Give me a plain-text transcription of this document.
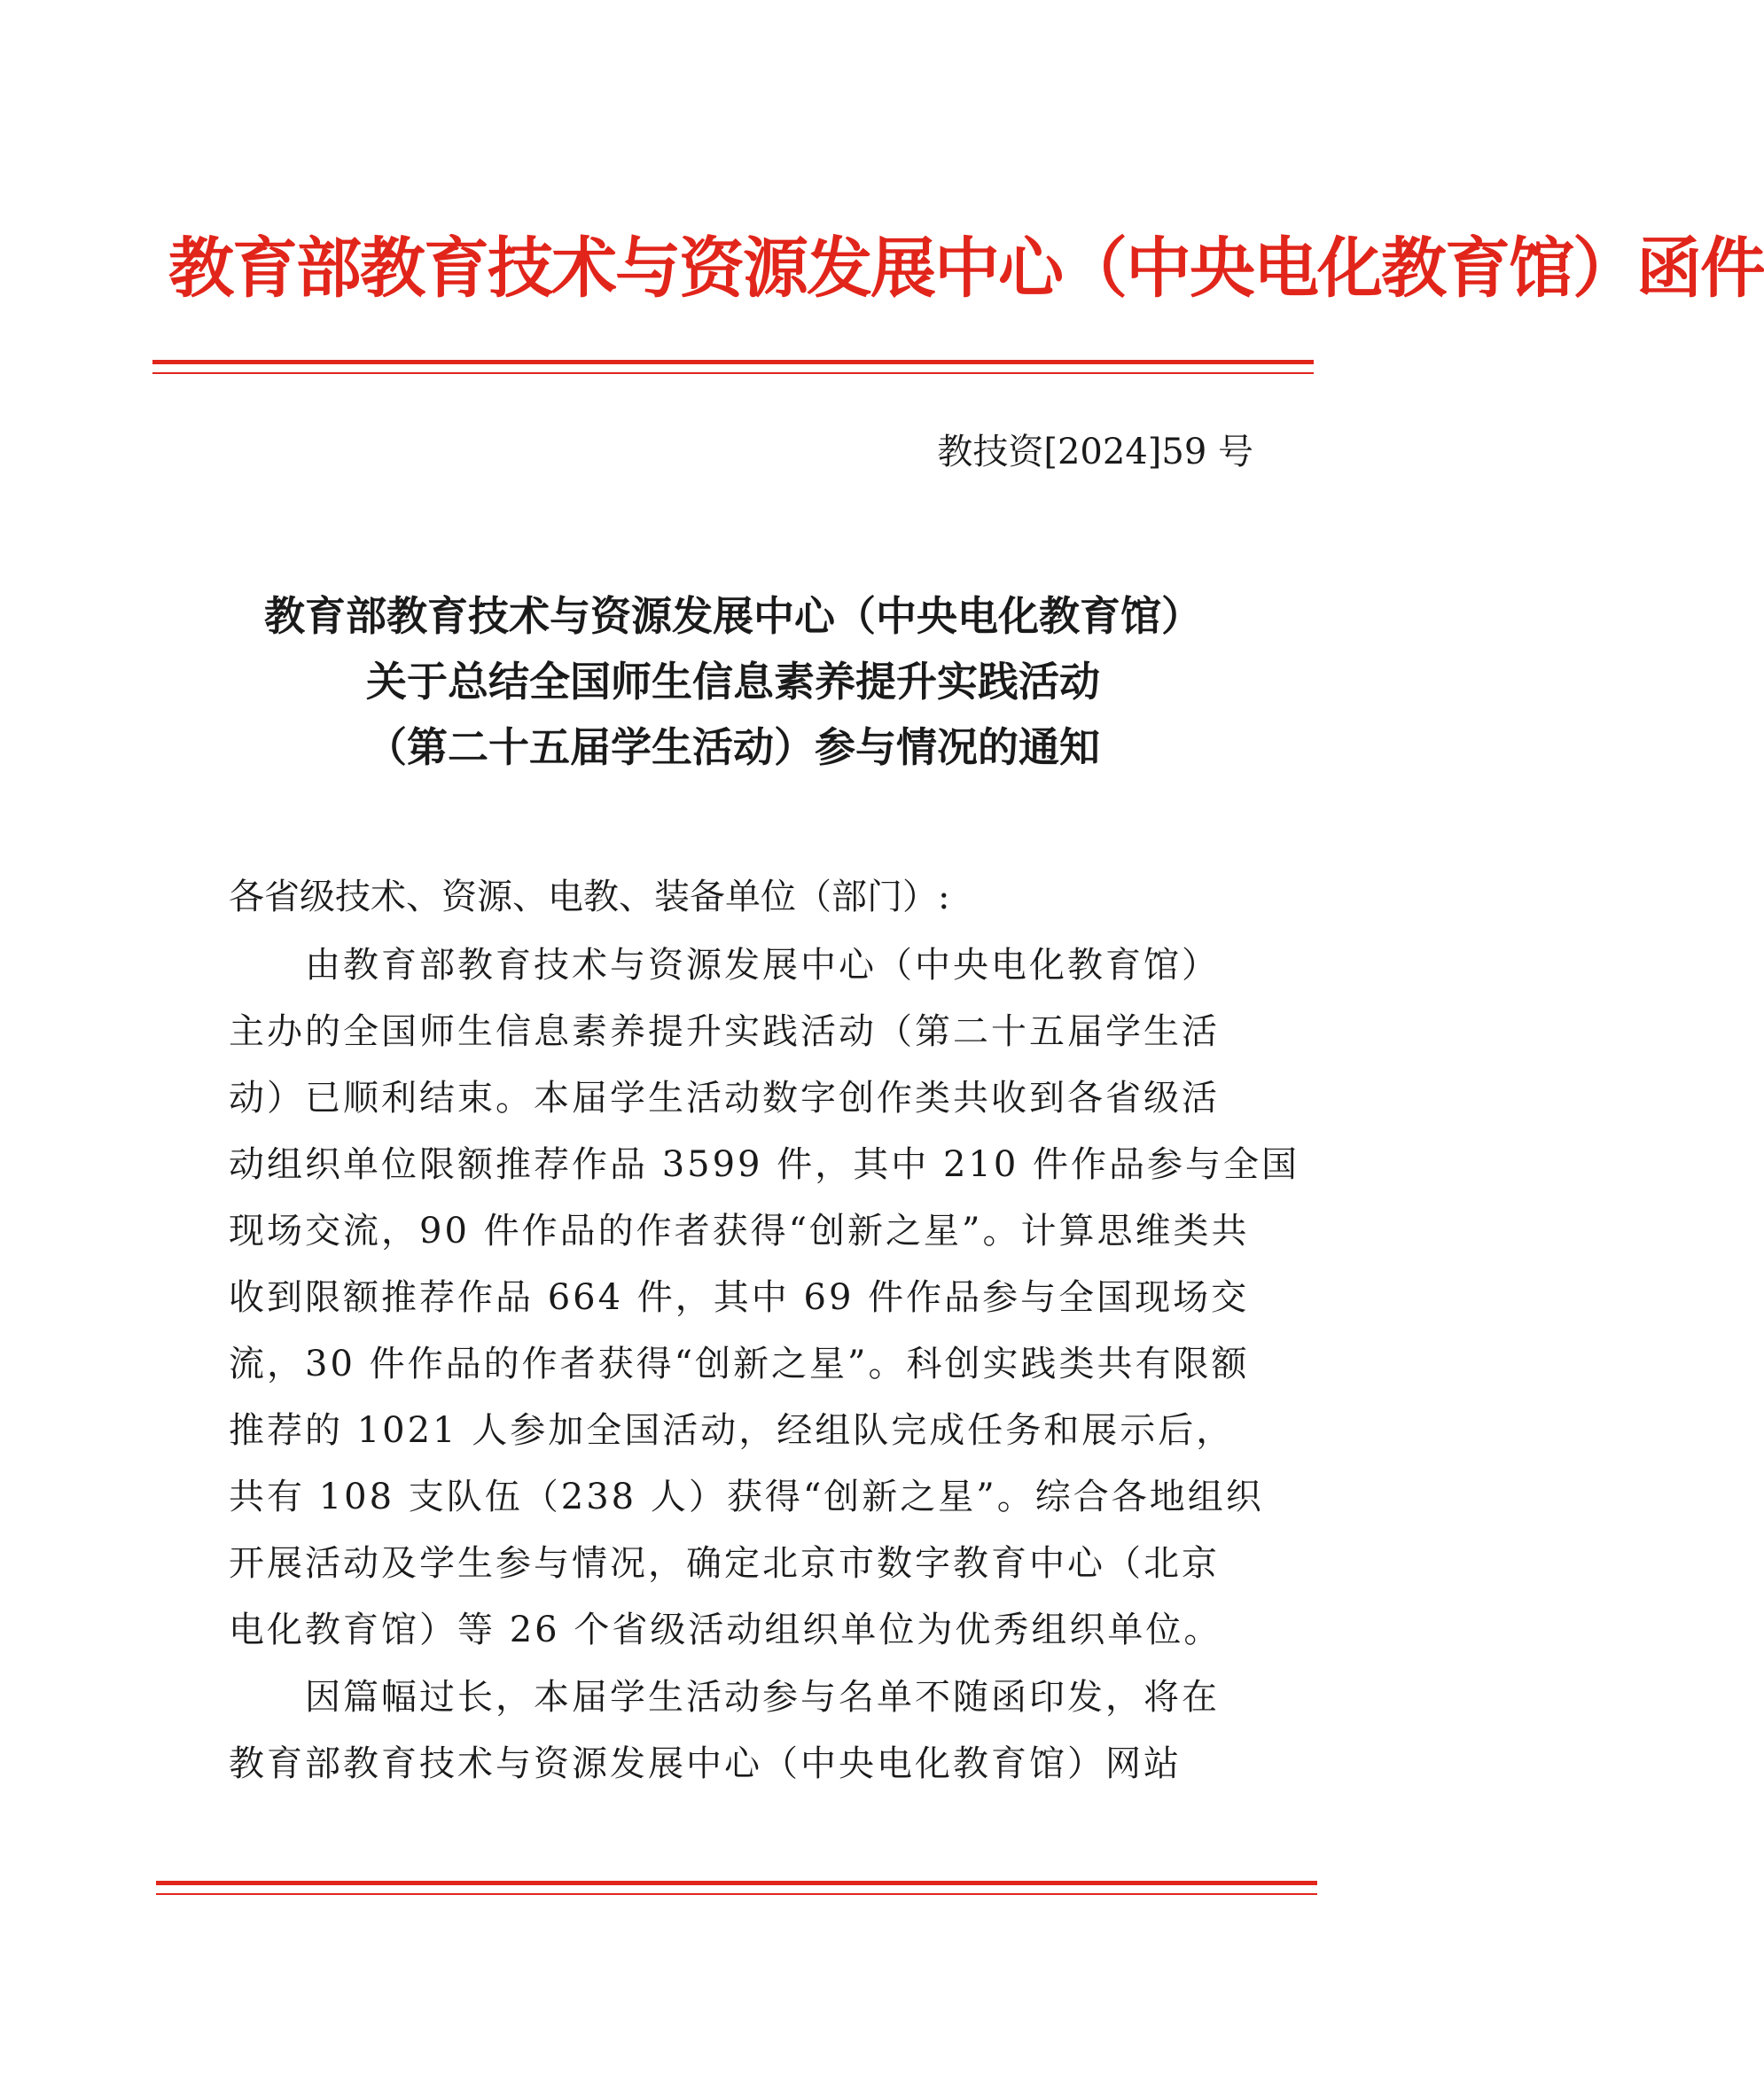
教育部教育技术与资源发展中心（中央电化教育馆）函件
教技资[2024]59 号
教育部教育技术与资源发展中心（中央电化教育馆）
关于总结全国师生信息素养提升实践活动
（第二十五届学生活动）参与情况的通知
各省级技术、资源、电教、装备单位（部门）:
　　由教育部教育技术与资源发展中心（中央电化教育馆）
主办的全国师生信息素养提升实践活动（第二十五届学生活
动）已顺利结束。本届学生活动数字创作类共收到各省级活
动组织单位限额推荐作品 3599 件，其中 210 件作品参与全国
现场交流，90 件作品的作者获得“创新之星”。计算思维类共
收到限额推荐作品 664 件，其中 69 件作品参与全国现场交
流，30 件作品的作者获得“创新之星”。科创实践类共有限额
推荐的 1021 人参加全国活动，经组队完成任务和展示后，
共有 108 支队伍（238 人）获得“创新之星”。综合各地组织
开展活动及学生参与情况，确定北京市数字教育中心（北京
电化教育馆）等 26 个省级活动组织单位为优秀组织单位。
　　因篇幅过长，本届学生活动参与名单不随函印发，将在
教育部教育技术与资源发展中心（中央电化教育馆）网站
